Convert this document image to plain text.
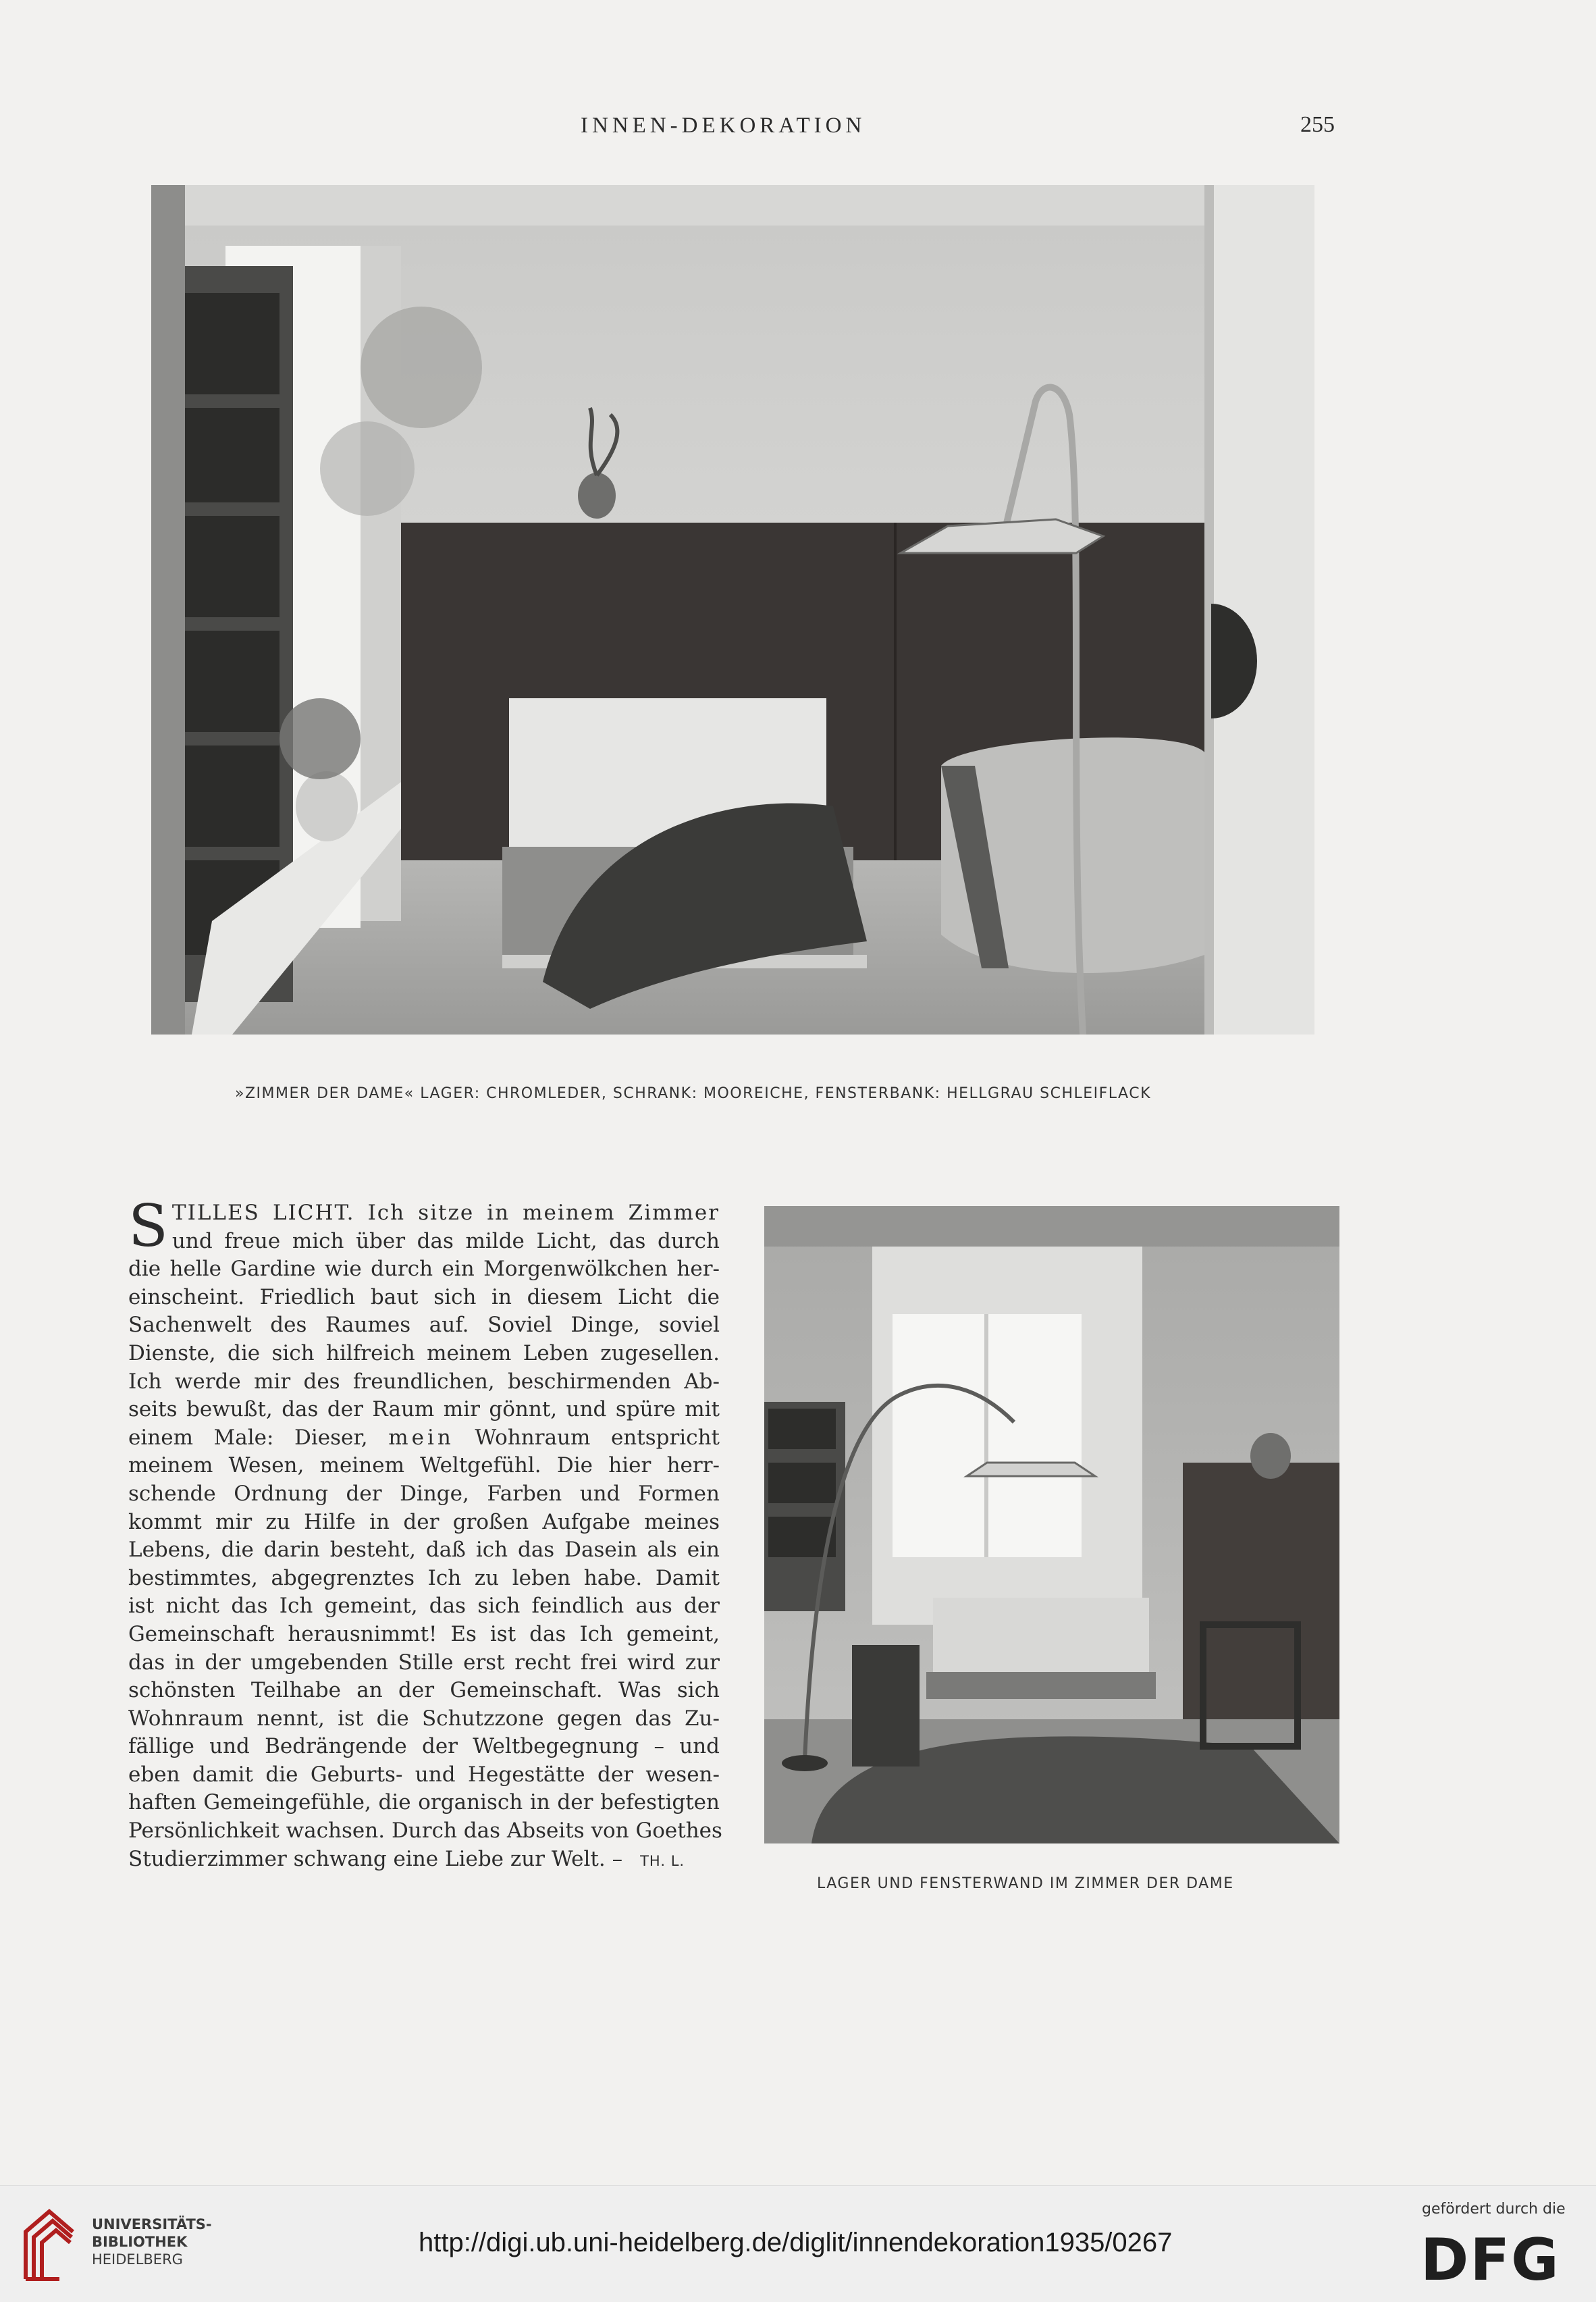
INNEN-DEKORATION	255
»ZIMMER DER DAME« LAGER: CHROMLEDER, SCHRANK: MOOREICHE, FENSTERBANK: HELLGRAU SCHLEIFLACK
S TILLES LICHT. Ich sitze in meinem Zimmer

und freue mich über das milde Licht, das durch

die helle Gardine wie durch ein Morgenwölkchen her-

einscheint. Friedlich baut sich in diesem Licht die

Sachenwelt des Raumes auf. Soviel Dinge, soviel

Dienste, die sich hilfreich meinem Leben zugesellen.

Ich werde mir des freundlichen, beschirmenden Ab-

seits bewußt, das der Raum mir gönnt, und spüre mit

einem Male: Dieser, mein Wohnraum entspricht

meinem Wesen, meinem Weltgefühl. Die hier herr-

schende Ordnung der Dinge, Farben und Formen

kommt mir zu Hilfe in der großen Aufgabe meines

Lebens, die darin besteht, daß ich das Dasein als ein

bestimmtes, abgegrenztes Ich zu leben habe. Damit

ist nicht das Ich gemeint, das sich feindlich aus der

Gemeinschaft herausnimmt! Es ist das Ich gemeint,

das in der umgebenden Stille erst recht frei wird zur

schönsten Teilhabe an der Gemeinschaft. Was sich

Wohnraum nennt, ist die Schutzzone gegen das Zu-

fällige und Bedrängende der Weltbegegnung – und

eben damit die Geburts- und Hegestätte der wesen-

haften Gemeingefühle, die organisch in der befestigten

Persönlichkeit wachsen. Durch das Abseits von Goethes

Studierzimmer schwang eine Liebe zur Welt. – TH. L.

LAGER UND FENSTERWAND IM ZIMMER DER DAME
UNIVERSITÄTS-
BIBLIOTHEK
HEIDELBERG
http://digi.ub.uni-heidelberg.de/diglit/innendekoration1935/0267
gefördert durch die
DFG
